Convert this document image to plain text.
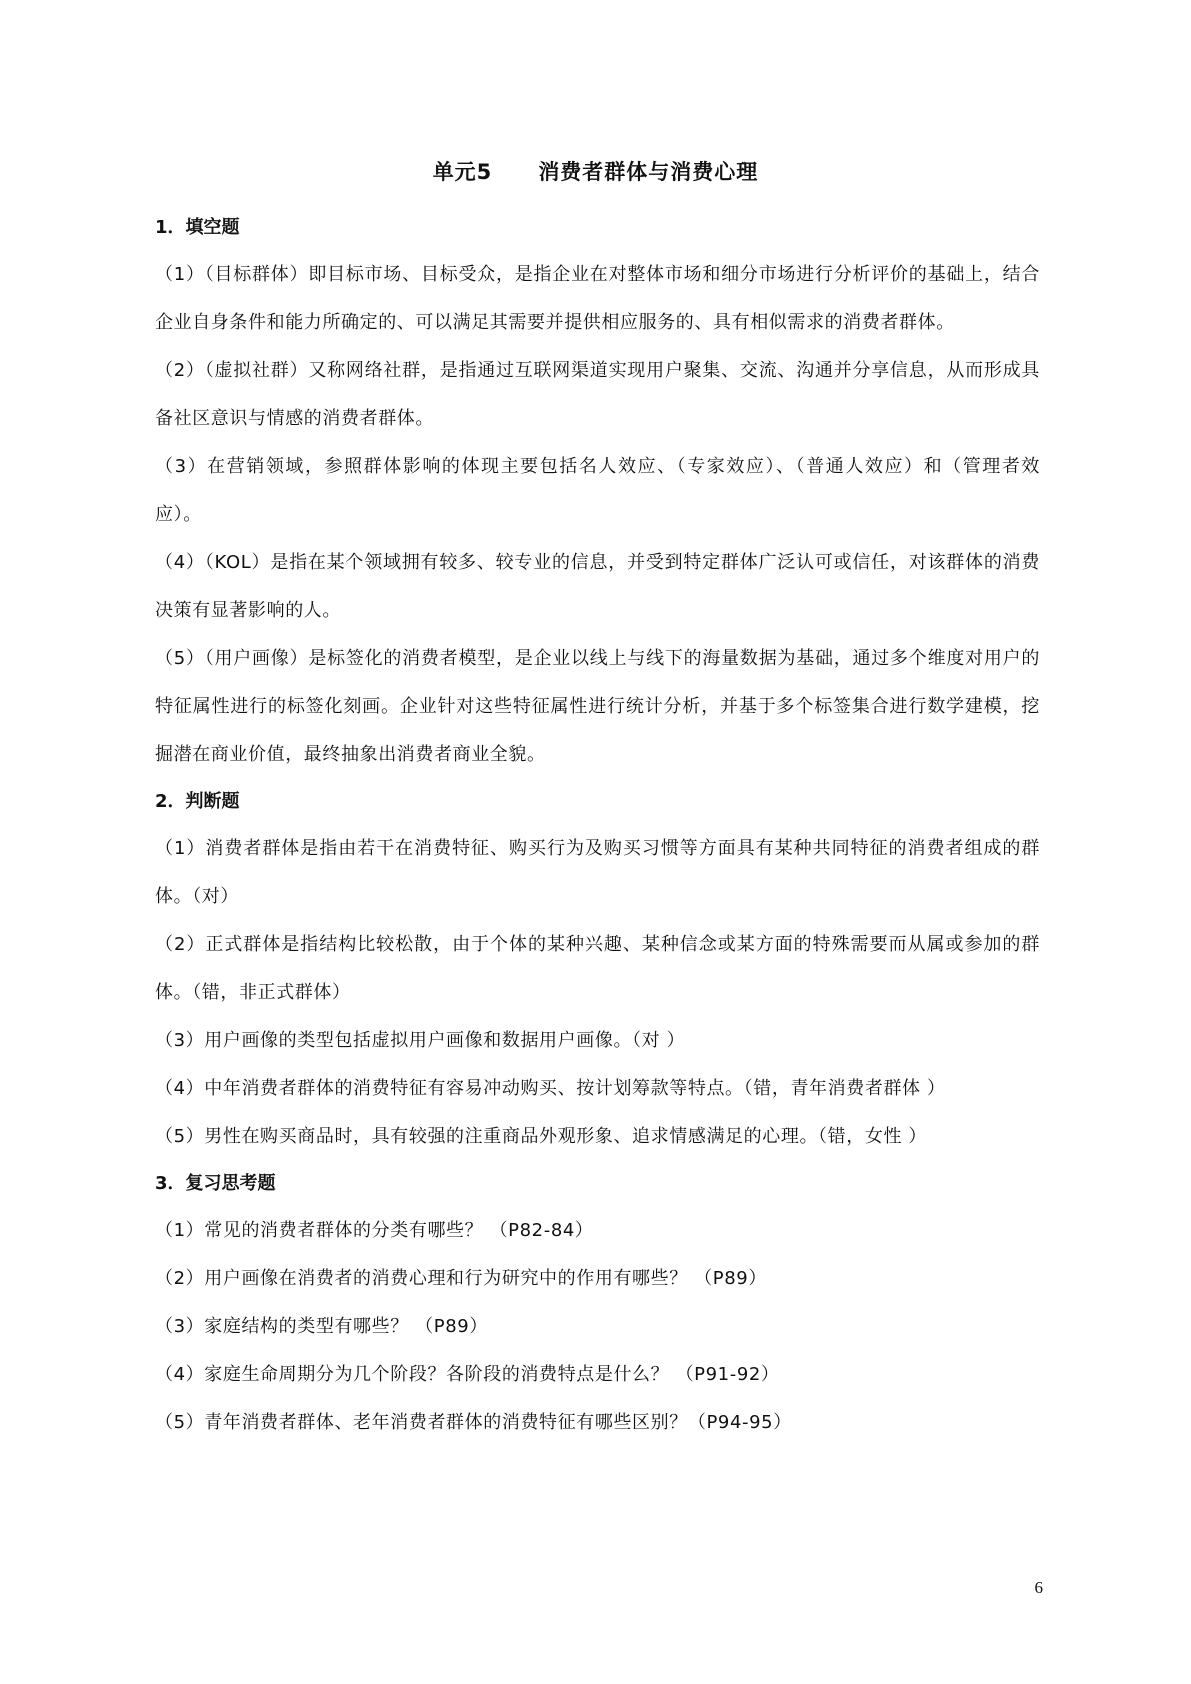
单元5 消费者群体与消费心理

1．填空题

（1）（目标群体）即目标市场、目标受众，是指企业在对整体市场和细分市场进行分析评价的基础上，结合企业自身条件和能力所确定的、可以满足其需要并提供相应服务的、具有相似需求的消费者群体。

（2）（虚拟社群）又称网络社群，是指通过互联网渠道实现用户聚集、交流、沟通并分享信息，从而形成具备社区意识与情感的消费者群体。

（3）在营销领域，参照群体影响的体现主要包括名人效应、（专家效应）、（普通人效应）和（管理者效应）。

（4）（KOL）是指在某个领域拥有较多、较专业的信息，并受到特定群体广泛认可或信任，对该群体的消费决策有显著影响的人。

（5）（用户画像）是标签化的消费者模型，是企业以线上与线下的海量数据为基础，通过多个维度对用户的特征属性进行的标签化刻画。企业针对这些特征属性进行统计分析，并基于多个标签集合进行数学建模，挖掘潜在商业价值，最终抽象出消费者商业全貌。

2．判断题

（1）消费者群体是指由若干在消费特征、购买行为及购买习惯等方面具有某种共同特征的消费者组成的群体。（对）

（2）正式群体是指结构比较松散，由于个体的某种兴趣、某种信念或某方面的特殊需要而从属或参加的群体。（错，非正式群体）

（3）用户画像的类型包括虚拟用户画像和数据用户画像。（对 ）

（4）中年消费者群体的消费特征有容易冲动购买、按计划筹款等特点。（错，青年消费者群体 ）

（5）男性在购买商品时，具有较强的注重商品外观形象、追求情感满足的心理。（错，女性 ）

3．复习思考题

（1）常见的消费者群体的分类有哪些？ （P82-84）

（2）用户画像在消费者的消费心理和行为研究中的作用有哪些？ （P89）

（3）家庭结构的类型有哪些？ （P89）

（4）家庭生命周期分为几个阶段？各阶段的消费特点是什么？ （P91-92）

（5）青年消费者群体、老年消费者群体的消费特征有哪些区别？（P94-95）

6
